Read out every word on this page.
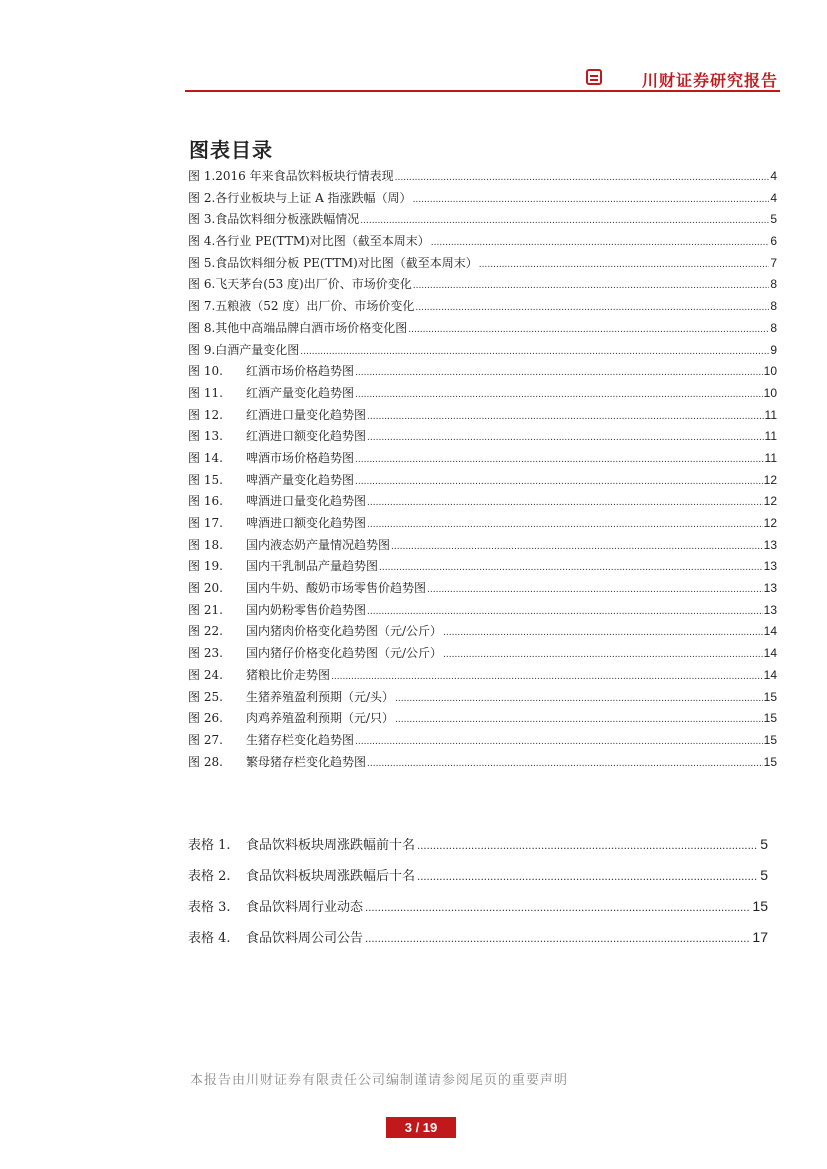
川财证券研究报告
图表目录
图 1. 2016 年来食品饮料板块行情表现 .....	4
图 2. 各行业板块与上证 A 指涨跌幅（周） .....	4
图 3. 食品饮料细分板涨跌幅情况 .....	5
图 4. 各行业 PE(TTM)对比图（截至本周末） .....	6
图 5. 食品饮料细分板 PE(TTM)对比图（截至本周末） .....	7
图 6. 飞天茅台(53 度)出厂价、市场价变化 .....	8
图 7. 五粮液（52 度）出厂价、市场价变化 .....	8
图 8. 其他中高端品牌白酒市场价格变化图 .....	8
图 9. 白酒产量变化图 .....	9
图 10.	红酒市场价格趋势图 .....	10
图 11.	红酒产量变化趋势图 .....	10
图 12.	红酒进口量变化趋势图 .....	11
图 13.	红酒进口额变化趋势图 .....	11
图 14.	啤酒市场价格趋势图 .....	11
图 15.	啤酒产量变化趋势图 .....	12
图 16.	啤酒进口量变化趋势图 .....	12
图 17.	啤酒进口额变化趋势图 .....	12
图 18.	国内液态奶产量情况趋势图 .....	13
图 19.	国内干乳制品产量趋势图 .....	13
图 20.	国内牛奶、酸奶市场零售价趋势图 .....	13
图 21.	国内奶粉零售价趋势图 .....	13
图 22.	国内猪肉价格变化趋势图（元/公斤） .....	14
图 23.	国内猪仔价格变化趋势图（元/公斤） .....	14
图 24.	猪粮比价走势图 .....	14
图 25.	生猪养殖盈利预期（元/头） .....	15
图 26.	肉鸡养殖盈利预期（元/只） .....	15
图 27.	生猪存栏变化趋势图 .....	15
图 28.	繁母猪存栏变化趋势图 .....	15
表格 1.	食品饮料板块周涨跌幅前十名 .....	5
表格 2.	食品饮料板块周涨跌幅后十名 .....	5
表格 3.	食品饮料周行业动态 .....	15
表格 4.	食品饮料周公司公告 .....	17
本报告由川财证券有限责任公司编制谨请参阅尾页的重要声明
3 / 19
